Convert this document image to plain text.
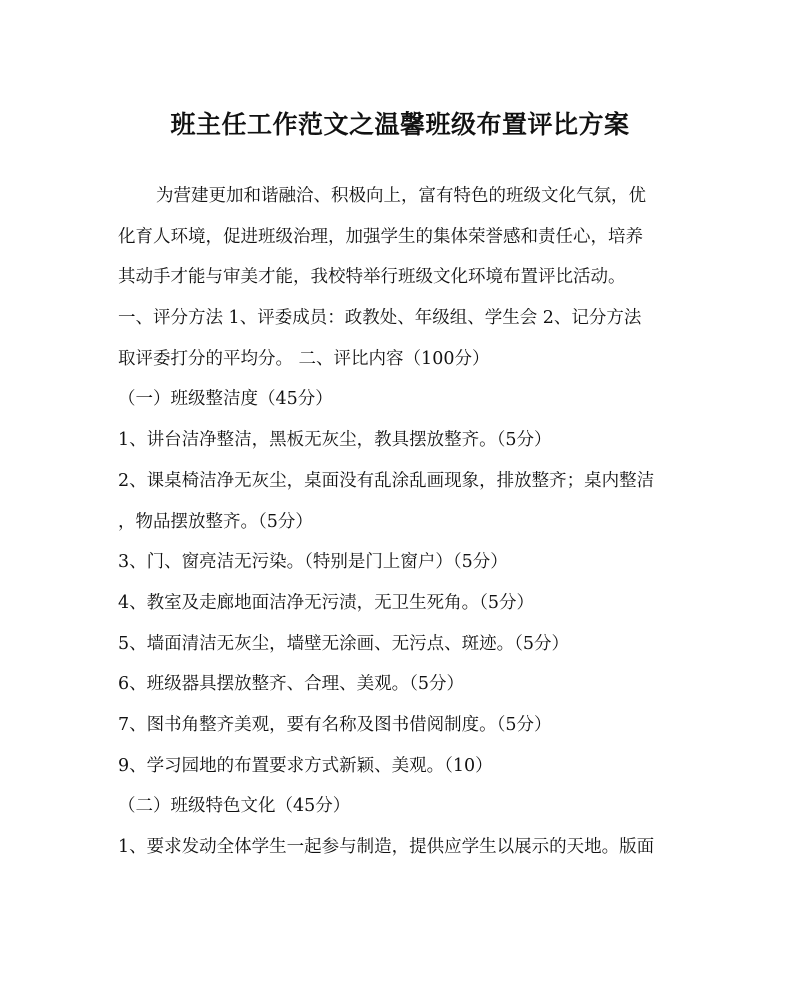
班主任工作范文之温馨班级布置评比方案
为营建更加和谐融洽、积极向上，富有特色的班级文化气氛，优
化育人环境，促进班级治理，加强学生的集体荣誉感和责任心，培养
其动手才能与审美才能，我校特举行班级文化环境布置评比活动。
一、评分方法 1、评委成员：政教处、年级组、学生会 2、记分方法
取评委打分的平均分。 二、评比内容（100分）
（一）班级整洁度（45分）
1、讲台洁净整洁，黑板无灰尘，教具摆放整齐。（5分）
2、课桌椅洁净无灰尘，桌面没有乱涂乱画现象，排放整齐；桌内整洁
，物品摆放整齐。（5分）
3、门、窗亮洁无污染。（特别是门上窗户）（5分）
4、教室及走廊地面洁净无污渍，无卫生死角。（5分）
5、墙面清洁无灰尘，墙壁无涂画、无污点、斑迹。（5分）
6、班级器具摆放整齐、合理、美观。（5分）
7、图书角整齐美观，要有名称及图书借阅制度。（5分）
9、学习园地的布置要求方式新颖、美观。（10）
（二）班级特色文化（45分）
1、要求发动全体学生一起参与制造，提供应学生以展示的天地。版面
